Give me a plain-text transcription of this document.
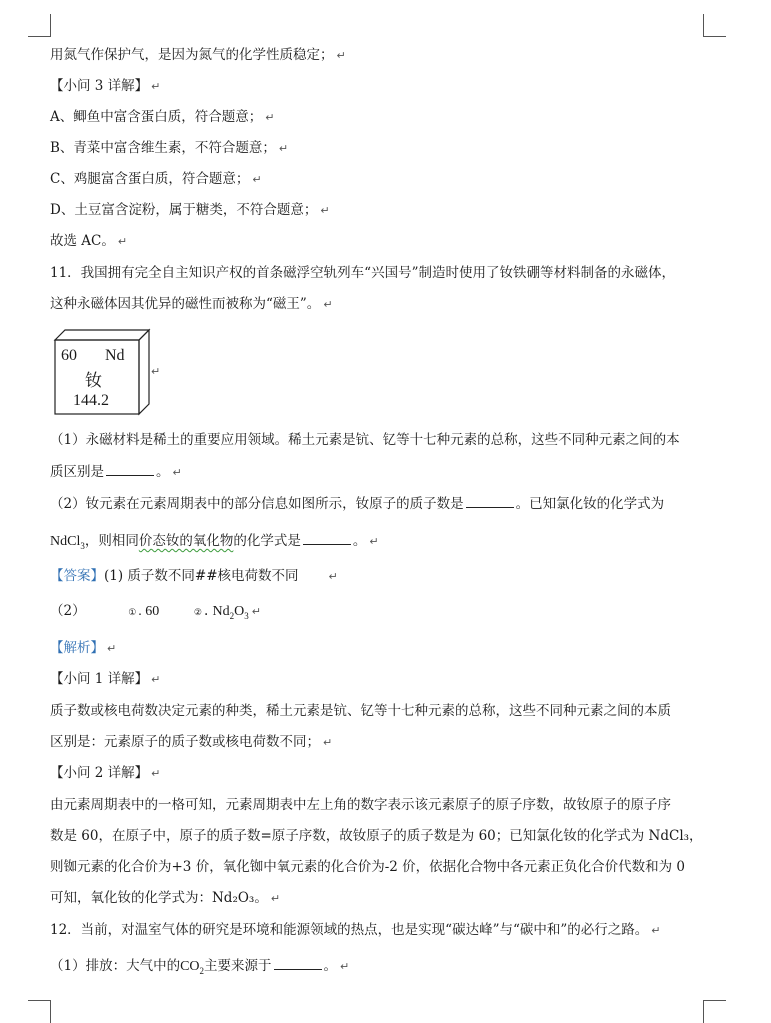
用氮气作保护气，是因为氮气的化学性质稳定； ↵
【小问 3 详解】 ↵
A、鲫鱼中富含蛋白质，符合题意； ↵
B、青菜中富含维生素，不符合题意； ↵
C、鸡腿富含蛋白质，符合题意； ↵
D、土豆富含淀粉，属于糖类，不符合题意； ↵
故选 AC。 ↵
11．我国拥有完全自主知识产权的首条磁浮空轨列车“兴国号”制造时使用了钕铁硼等材料制备的永磁体，
这种永磁体因其优异的磁性而被称为“磁王”。 ↵
60 Nd
钕
144.2
↵
（1）永磁材料是稀土的重要应用领域。稀土元素是钪、钇等十七种元素的总称，这些不同种元素之间的本
质区别是	。 ↵
（2）钕元素在元素周期表中的部分信息如图所示，钕原子的质子数是	。已知氯化钕的化学式为
NdCl$_3$，则相同价态钕的氧化物的化学式是	。 ↵
【答案】(1) 质子数不同##核电荷数不同	↵
（2）	① . 60	② . $Nd_2O_3$ ↵
【解析】 ↵
【小问 1 详解】 ↵
质子数或核电荷数决定元素的种类，稀土元素是钪、钇等十七种元素的总称，这些不同种元素之间的本质
区别是：元素原子的质子数或核电荷数不同； ↵
【小问 2 详解】 ↵
由元素周期表中的一格可知，元素周期表中左上角的数字表示该元素原子的原子序数，故钕原子的原子序
数是 60，在原子中，原子的质子数=原子序数，故钕原子的质子数是为 60；已知氯化钕的化学式为 NdCl₃，
则铷元素的化合价为+3 价，氧化铷中氧元素的化合价为-2 价，依据化合物中各元素正负化合价代数和为 0
可知，氧化钕的化学式为：Nd₂O₃。 ↵
12．当前，对温室气体的研究是环境和能源领域的热点，也是实现“碳达峰”与“碳中和”的必行之路。 ↵
（1）排放：大气中的$CO_2$主要来源于	。 ↵
